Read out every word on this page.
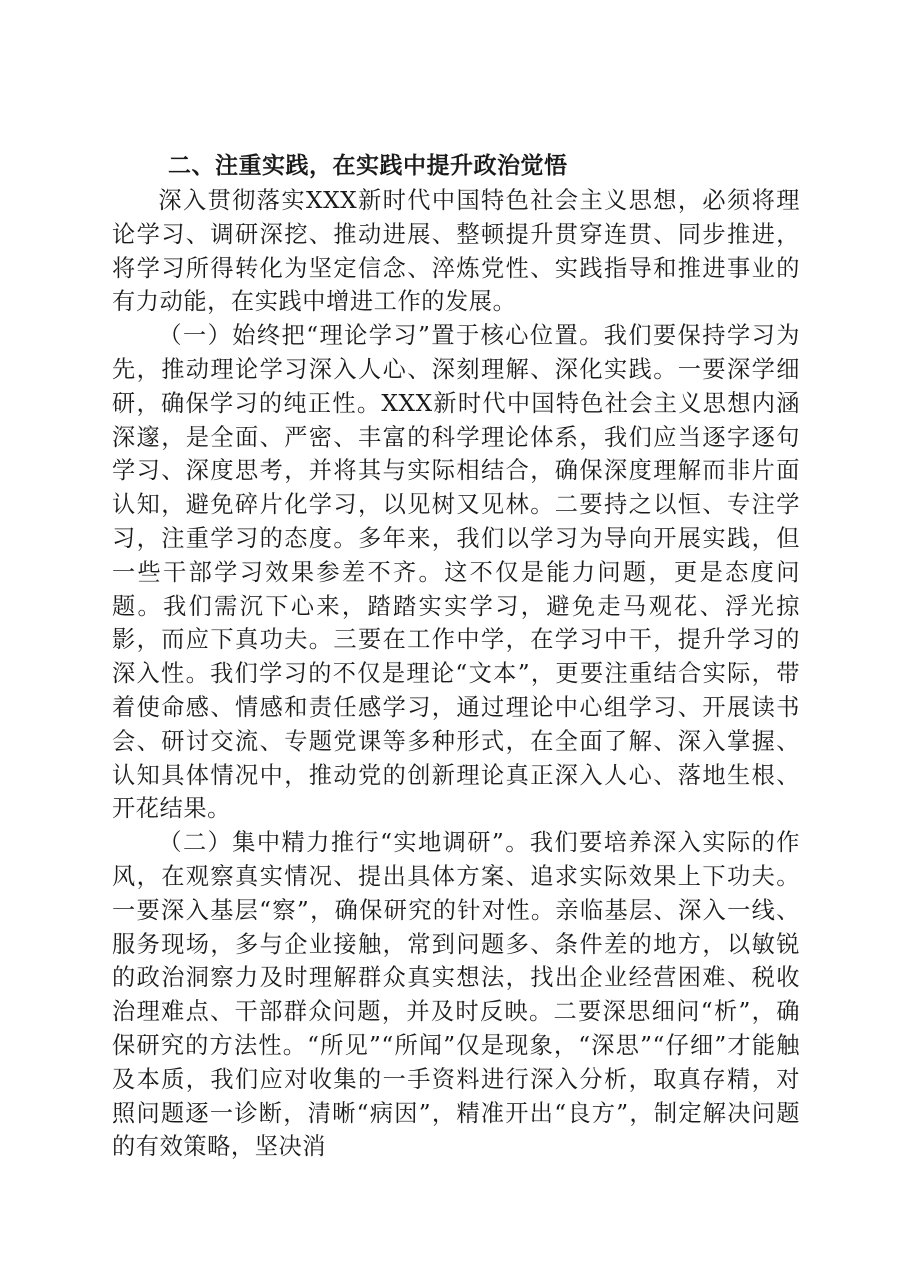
二、注重实践，在实践中提升政治觉悟

深入贯彻落实XXX新时代中国特色社会主义思想，必须将理论学习、调研深挖、推动进展、整顿提升贯穿连贯、同步推进，将学习所得转化为坚定信念、淬炼党性、实践指导和推进事业的有力动能，在实践中增进工作的发展。

（一）始终把“理论学习”置于核心位置。我们要保持学习为先，推动理论学习深入人心、深刻理解、深化实践。一要深学细研，确保学习的纯正性。XXX新时代中国特色社会主义思想内涵深邃，是全面、严密、丰富的科学理论体系，我们应当逐字逐句学习、深度思考，并将其与实际相结合，确保深度理解而非片面认知，避免碎片化学习，以见树又见林。二要持之以恒、专注学习，注重学习的态度。多年来，我们以学习为导向开展实践，但一些干部学习效果参差不齐。这不仅是能力问题，更是态度问题。我们需沉下心来，踏踏实实学习，避免走马观花、浮光掠影，而应下真功夫。三要在工作中学，在学习中干，提升学习的深入性。我们学习的不仅是理论“文本”，更要注重结合实际，带着使命感、情感和责任感学习，通过理论中心组学习、开展读书会、研讨交流、专题党课等多种形式，在全面了解、深入掌握、认知具体情况中，推动党的创新理论真正深入人心、落地生根、开花结果。

（二）集中精力推行“实地调研”。我们要培养深入实际的作风，在观察真实情况、提出具体方案、追求实际效果上下功夫。一要深入基层“察”，确保研究的针对性。亲临基层、深入一线、服务现场，多与企业接触，常到问题多、条件差的地方，以敏锐的政治洞察力及时理解群众真实想法，找出企业经营困难、税收治理难点、干部群众问题，并及时反映。二要深思细问“析”，确保研究的方法性。“所见”“所闻”仅是现象，“深思”“仔细”才能触及本质，我们应对收集的一手资料进行深入分析，取真存精，对照问题逐一诊断，清晰“病因”，精准开出“良方”，制定解决问题的有效策略，坚决消
